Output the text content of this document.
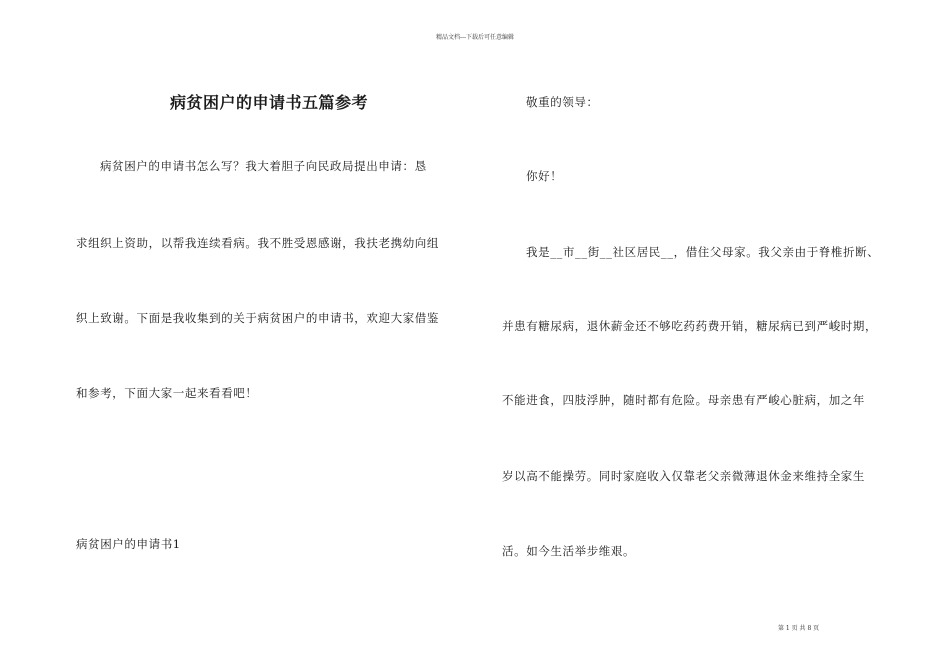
精品文档---下载后可任意编辑
病贫困户的申请书五篇参考
病贫困户的申请书怎么写？我大着胆子向民政局提出申请：恳
求组织上资助，以帮我连续看病。我不胜受恩感谢，我扶老携幼向组
织上致谢。下面是我收集到的关于病贫困户的申请书，欢迎大家借鉴
和参考，下面大家一起来看看吧！
病贫困户的申请书1
敬重的领导：
你好！
我是__市__街__社区居民__，借住父母家。我父亲由于脊椎折断、
并患有糖尿病，退休薪金还不够吃药药费开销，糖尿病已到严峻时期，
不能进食，四肢浮肿，随时都有危险。母亲患有严峻心脏病，加之年
岁以高不能操劳。同时家庭收入仅靠老父亲微薄退休金来维持全家生
活。如今生活举步维艰。
第 1 页 共 8 页
